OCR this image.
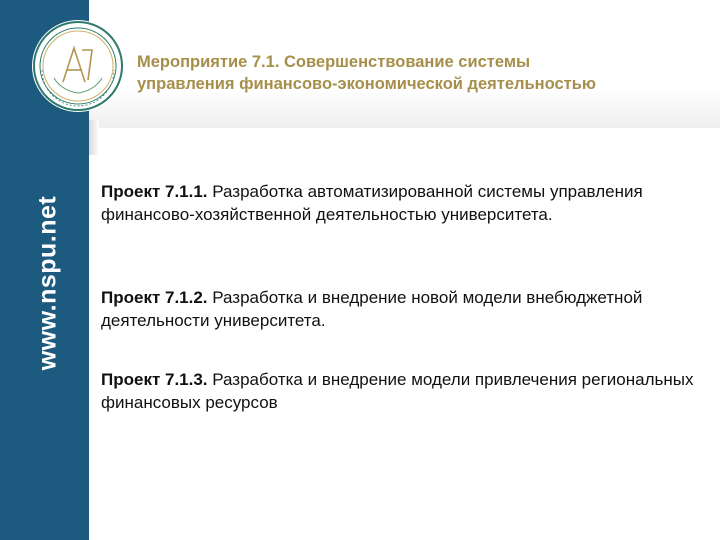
www.nspu.net
Мероприятие 7.1. Совершенствование системы
управления финансово-экономической деятельностью
Проект 7.1.1. Разработка автоматизированной системы управления финансово-хозяйственной деятельностью университета.
Проект 7.1.2. Разработка и внедрение новой модели внебюджетной деятельности университета.
Проект 7.1.3. Разработка и внедрение модели привлечения региональных финансовых ресурсов
